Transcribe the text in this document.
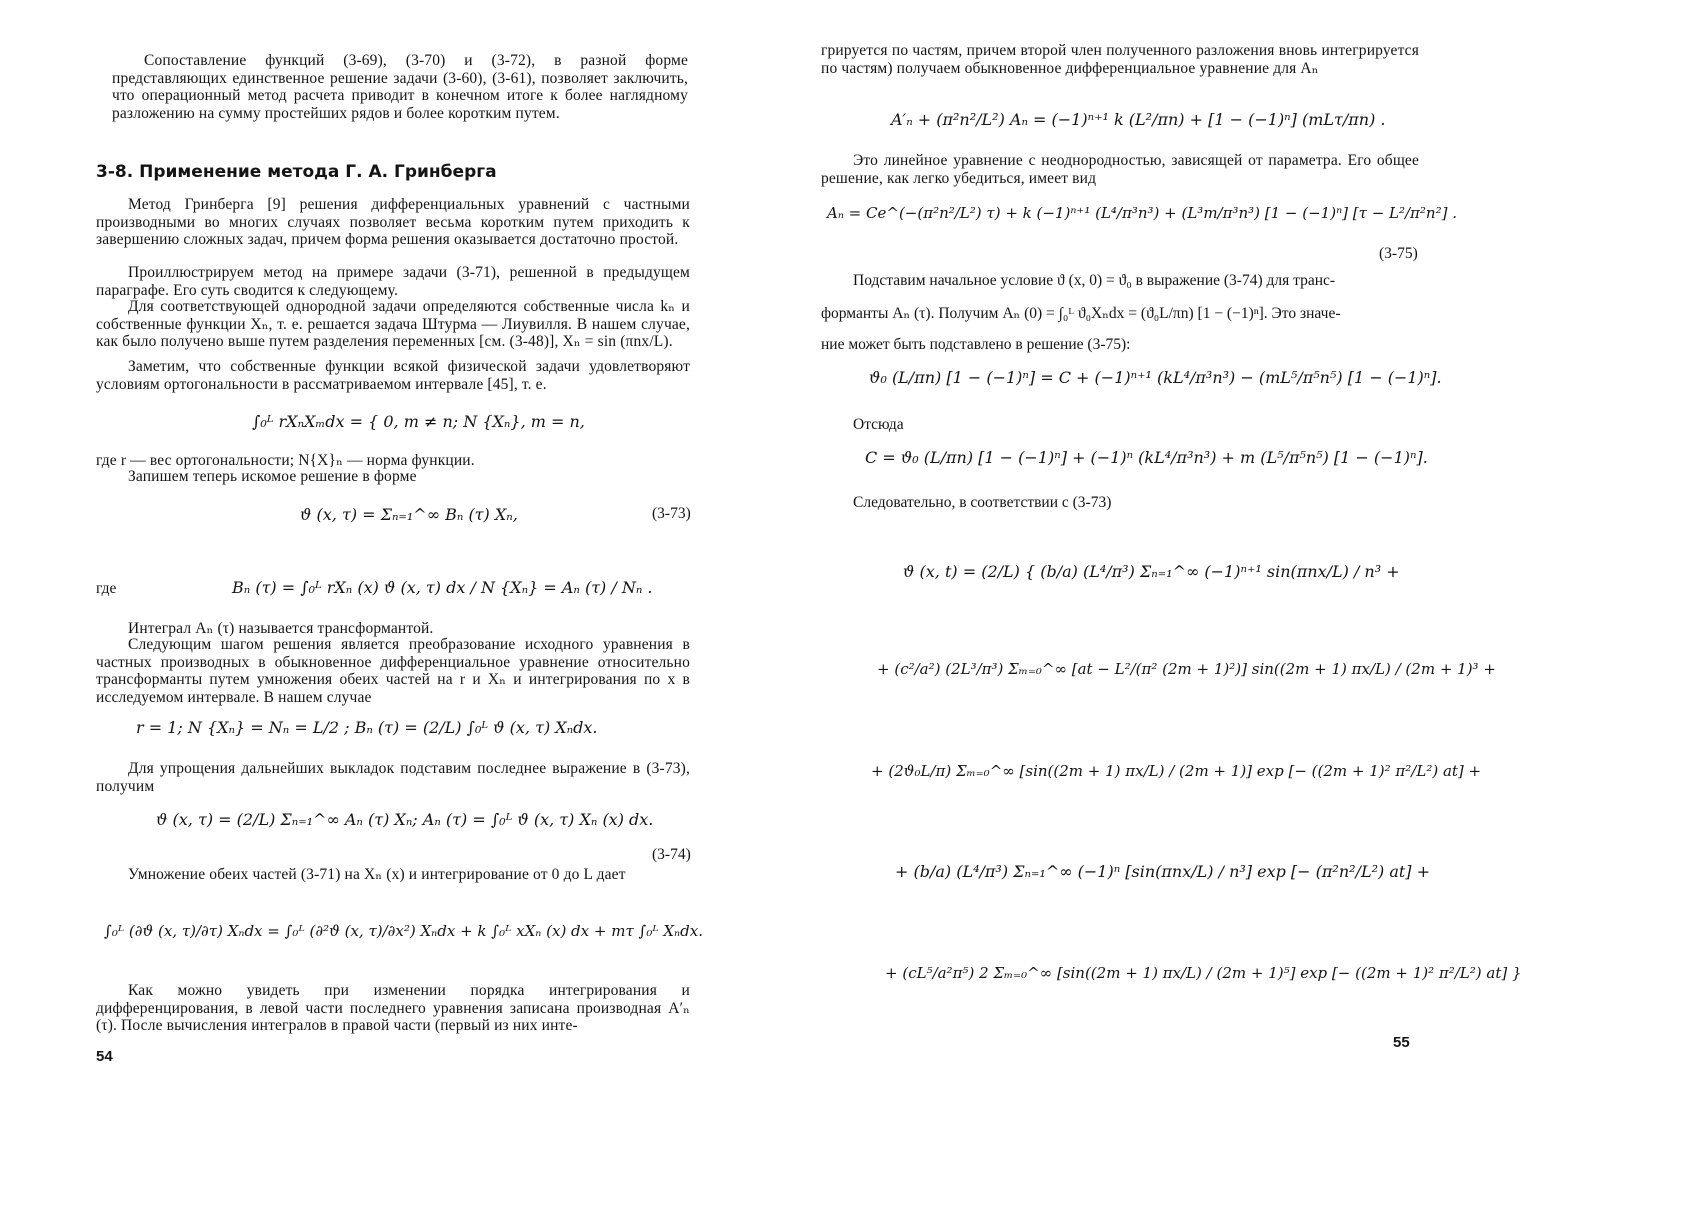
Сопоставление функций (3-69), (3-70) и (3-72), в разной форме представляющих единственное решение задачи (3-60), (3-61), позволяет заключить, что операционный метод расчета приводит в конечном итоге к более наглядному разложению на сумму простейших рядов и более коротким путем.

3-8. Применение метода Г. А. Гринберга

Метод Гринберга [9] решения дифференциальных уравнений с частными производными во многих случаях позволяет весьма коротким путем приходить к завершению сложных задач, причем форма решения оказывается достаточно простой.

Проиллюстрируем метод на примере задачи (3-71), решенной в предыдущем параграфе. Его суть сводится к следующему.

Для соответствующей однородной задачи определяются собственные числа kₙ и собственные функции Xₙ, т. е. решается задача Штурма — Лиувилля. В нашем случае, как было получено выше путем разделения переменных [см. (3-48)], Xₙ = sin (πnx/L).

Заметим, что собственные функции всякой физической задачи удовлетворяют условиям ортогональности в рассматриваемом интервале [45], т. е.

∫₀ᴸ rXₙXₘdx = { 0, m ≠ n; N {Xₙ}, m = n,

где r — вес ортогональности; N{X}ₙ — норма функции.

Запишем теперь искомое решение в форме

ϑ (x, τ) = Σₙ₌₁^∞ Bₙ (τ) Xₙ,	(3-73)
где	Bₙ (τ) = ∫₀ᴸ rXₙ (x) ϑ (x, τ) dx / N {Xₙ} = Aₙ (τ) / Nₙ .

Интеграл Aₙ (τ) называется трансформантой.

Следующим шагом решения является преобразование исходного уравнения в частных производных в обыкновенное дифференциальное уравнение относительно трансформанты путем умножения обеих частей на r и Xₙ и интегрирования по x в исследуемом интервале. В нашем случае

r = 1; N {Xₙ} = Nₙ = L/2 ; Bₙ (τ) = (2/L) ∫₀ᴸ ϑ (x, τ) Xₙdx.

Для упрощения дальнейших выкладок подставим последнее выражение в (3-73), получим

ϑ (x, τ) = (2/L) Σₙ₌₁^∞ Aₙ (τ) Xₙ; Aₙ (τ) = ∫₀ᴸ ϑ (x, τ) Xₙ (x) dx.
(3-74)

Умножение обеих частей (3-71) на Xₙ (x) и интегрирование от 0 до L дает

∫₀ᴸ (∂ϑ (x, τ)/∂τ) Xₙdx = ∫₀ᴸ (∂²ϑ (x, τ)/∂x²) Xₙdx + k ∫₀ᴸ xXₙ (x) dx + mτ ∫₀ᴸ Xₙdx.

Как можно увидеть при изменении порядка интегрирования и дифференцирования, в левой части последнего уравнения записана производная A′ₙ (τ). После вычисления интегралов в правой части (первый из них инте-

54

грируется по частям, причем второй член полученного разложения вновь интегрируется по частям) получаем обыкновенное дифференциальное уравнение для Aₙ

A′ₙ + (π²n²/L²) Aₙ = (−1)ⁿ⁺¹ k (L²/πn) + [1 − (−1)ⁿ] (mLτ/πn) .

Это линейное уравнение с неоднородностью, зависящей от параметра. Его общее решение, как легко убедиться, имеет вид

Aₙ = Ce^(−(π²n²/L²) τ) + k (−1)ⁿ⁺¹ (L⁴/π³n³) + (L³m/π³n³) [1 − (−1)ⁿ] [τ − L²/π²n²] .
(3-75)

Подставим начальное условие ϑ (x, 0) = ϑ₀ в выражение (3-74) для транс-

форманты Aₙ (τ). Получим Aₙ (0) = ∫₀ᴸ ϑ₀Xₙdx = (ϑ₀L/πn) [1 − (−1)ⁿ]. Это значе-

ние может быть подставлено в решение (3-75):

ϑ₀ (L/πn) [1 − (−1)ⁿ] = C + (−1)ⁿ⁺¹ (kL⁴/π³n³) − (mL⁵/π⁵n⁵) [1 − (−1)ⁿ].

Отсюда

C = ϑ₀ (L/πn) [1 − (−1)ⁿ] + (−1)ⁿ (kL⁴/π³n³) + m (L⁵/π⁵n⁵) [1 − (−1)ⁿ].

Следовательно, в соответствии с (3-73)

ϑ (x, t) = (2/L) { (b/a) (L⁴/π³) Σₙ₌₁^∞ (−1)ⁿ⁺¹ sin(πnx/L) / n³ +
+ (c²/a²) (2L³/π³) Σₘ₌₀^∞ [at − L²/(π² (2m + 1)²)] sin((2m + 1) πx/L) / (2m + 1)³ +
+ (2ϑ₀L/π) Σₘ₌₀^∞ [sin((2m + 1) πx/L) / (2m + 1)] exp [− ((2m + 1)² π²/L²) at] +
+ (b/a) (L⁴/π³) Σₙ₌₁^∞ (−1)ⁿ [sin(πnx/L) / n³] exp [− (π²n²/L²) at] +
+ (cL⁵/a²π⁵) 2 Σₘ₌₀^∞ [sin((2m + 1) πx/L) / (2m + 1)⁵] exp [− ((2m + 1)² π²/L²) at] }
55
